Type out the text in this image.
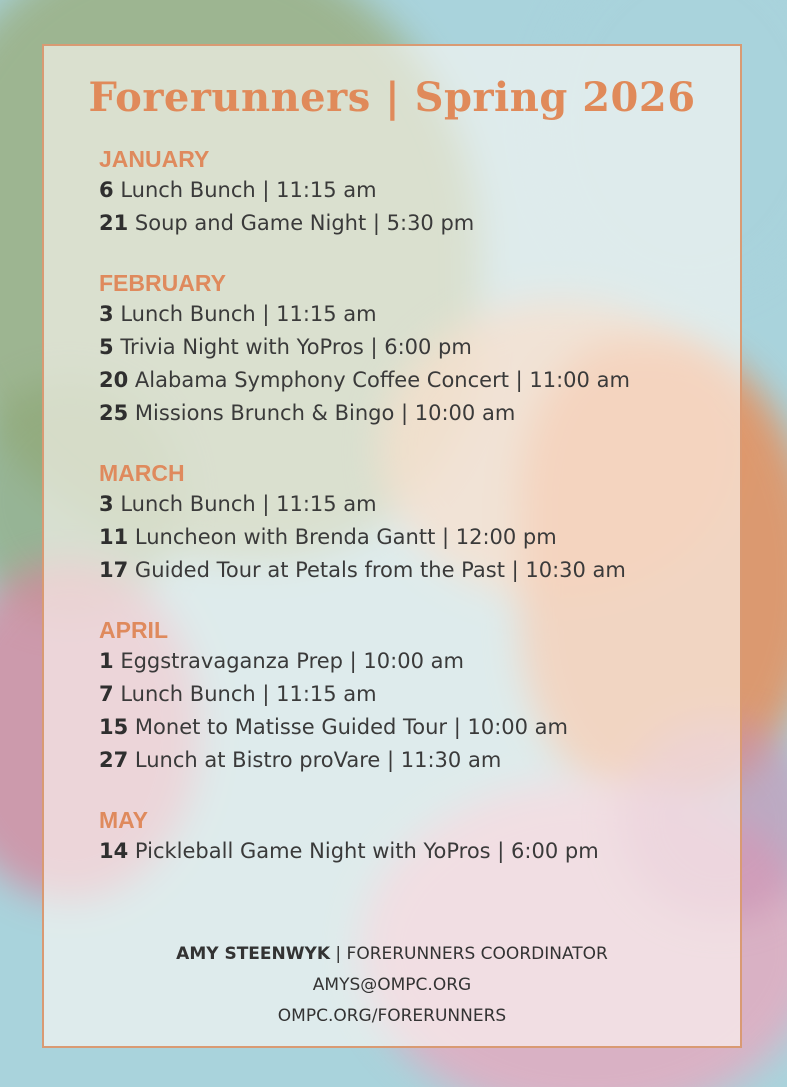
Forerunners | Spring 2026
JANUARY
6 Lunch Bunch | 11:15 am
21 Soup and Game Night | 5:30 pm
FEBRUARY
3 Lunch Bunch | 11:15 am
5 Trivia Night with YoPros | 6:00 pm
20 Alabama Symphony Coffee Concert | 11:00 am
25 Missions Brunch & Bingo | 10:00 am
MARCH
3 Lunch Bunch | 11:15 am
11 Luncheon with Brenda Gantt | 12:00 pm
17 Guided Tour at Petals from the Past | 10:30 am
APRIL
1 Eggstravaganza Prep | 10:00 am
7 Lunch Bunch | 11:15 am
15 Monet to Matisse Guided Tour | 10:00 am
27 Lunch at Bistro proVare | 11:30 am
MAY
14 Pickleball Game Night with YoPros | 6:00 pm
AMY STEENWYK | FORERUNNERS COORDINATOR
AMYS@OMPC.ORG
OMPC.ORG/FORERUNNERS
